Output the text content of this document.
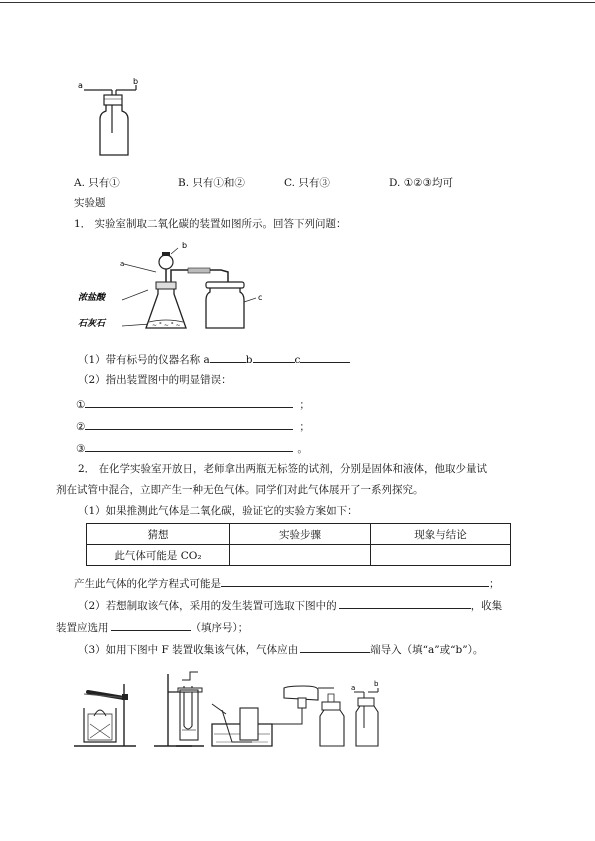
a	b
A. 只有①	B. 只有①和②	C. 只有③	D. ①②③均可
实验题
1． 实验室制取二氧化碳的装置如图所示。回答下列问题：
浓盐酸
石灰石
a
b
c
~ ° ~ ° ~
（1）带有标号的仪器名称 a	b	c
（2）指出装置图中的明显错误：
①	；
②	；
③	。
2． 在化学实验室开放日，老师拿出两瓶无标签的试剂，分别是固体和液体，他取少量试
剂在试管中混合，立即产生一种无色气体。同学们对此气体展开了一系列探究。
（1）如果推测此气体是二氧化碳，验证它的实验方案如下：
猜想	实验步骤	现象与结论
此气体可能是 CO₂		
产生此气体的化学方程式可能是	；
（2）若想制取该气体，采用的发生装置可选取下图中的	，收集
装置应选用	（填序号）；
（3）如用下图中 F 装置收集该气体，气体应由	端导入（填“a”或“b”）。
a	b
